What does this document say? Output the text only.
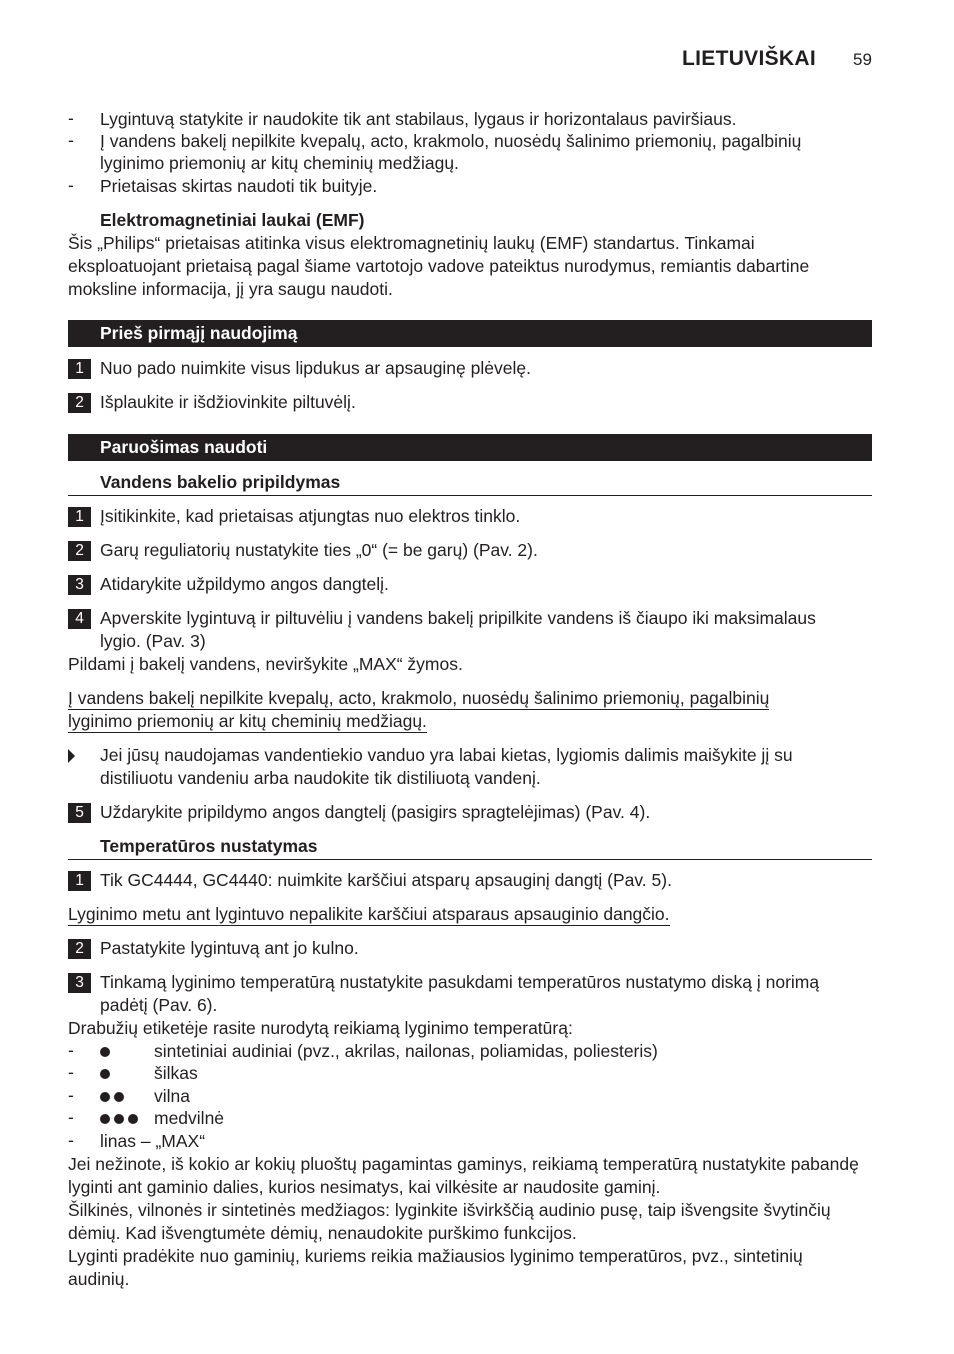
LIETUVIŠKAI 59
- Lygintuvą statykite ir naudokite tik ant stabilaus, lygaus ir horizontalaus paviršiaus.
- Į vandens bakelį nepilkite kvepalų, acto, krakmolo, nuosėdų šalinimo priemonių, pagalbinių
lyginimo priemonių ar kitų cheminių medžiagų.
- Prietaisas skirtas naudoti tik buityje.
Elektromagnetiniai laukai (EMF)
Šis „Philips“ prietaisas atitinka visus elektromagnetinių laukų (EMF) standartus. Tinkamai
eksploatuojant prietaisą pagal šiame vartotojo vadove pateiktus nurodymus, remiantis dabartine
moksline informacija, jį yra saugu naudoti.
Prieš pirmąjį naudojimą
1 Nuo pado nuimkite visus lipdukus ar apsauginę plėvelę.
2 Išplaukite ir išdžiovinkite piltuvėlį.
Paruošimas naudoti
Vandens bakelio pripildymas
1 Įsitikinkite, kad prietaisas atjungtas nuo elektros tinklo.
2 Garų reguliatorių nustatykite ties „0“ (= be garų) (Pav. 2).
3 Atidarykite užpildymo angos dangtelį.
4 Apverskite lygintuvą ir piltuvėliu į vandens bakelį pripilkite vandens iš čiaupo iki maksimalaus
lygio. (Pav. 3)
Pildami į bakelį vandens, neviršykite „MAX“ žymos.
Į vandens bakelį nepilkite kvepalų, acto, krakmolo, nuosėdų šalinimo priemonių, pagalbinių
lyginimo priemonių ar kitų cheminių medžiagų.
Jei jūsų naudojamas vandentiekio vanduo yra labai kietas, lygiomis dalimis maišykite jį su
distiliuotu vandeniu arba naudokite tik distiliuotą vandenį.
5 Uždarykite pripildymo angos dangtelį (pasigirs spragtelėjimas) (Pav. 4).
Temperatūros nustatymas
1 Tik GC4444, GC4440: nuimkite karščiui atsparų apsauginį dangtį (Pav. 5).
Lyginimo metu ant lygintuvo nepalikite karščiui atsparaus apsauginio dangčio.
2 Pastatykite lygintuvą ant jo kulno.
3 Tinkamą lyginimo temperatūrą nustatykite pasukdami temperatūros nustatymo diską į norimą
padėtį (Pav. 6).
Drabužių etiketėje rasite nurodytą reikiamą lyginimo temperatūrą:
-	sintetiniai audiniai (pvz., akrilas, nailonas, poliamidas, poliesteris)
-	šilkas
-	vilna
-	medvilnė
- linas – „MAX“
Jei nežinote, iš kokio ar kokių pluoštų pagamintas gaminys, reikiamą temperatūrą nustatykite pabandę
lyginti ant gaminio dalies, kurios nesimatys, kai vilkėsite ar naudosite gaminį.
Šilkinės, vilnonės ir sintetinės medžiagos: lyginkite išvirkščią audinio pusę, taip išvengsite švytinčių
dėmių. Kad išvengtumėte dėmių, nenaudokite purškimo funkcijos.
Lyginti pradėkite nuo gaminių, kuriems reikia mažiausios lyginimo temperatūros, pvz., sintetinių
audinių.
